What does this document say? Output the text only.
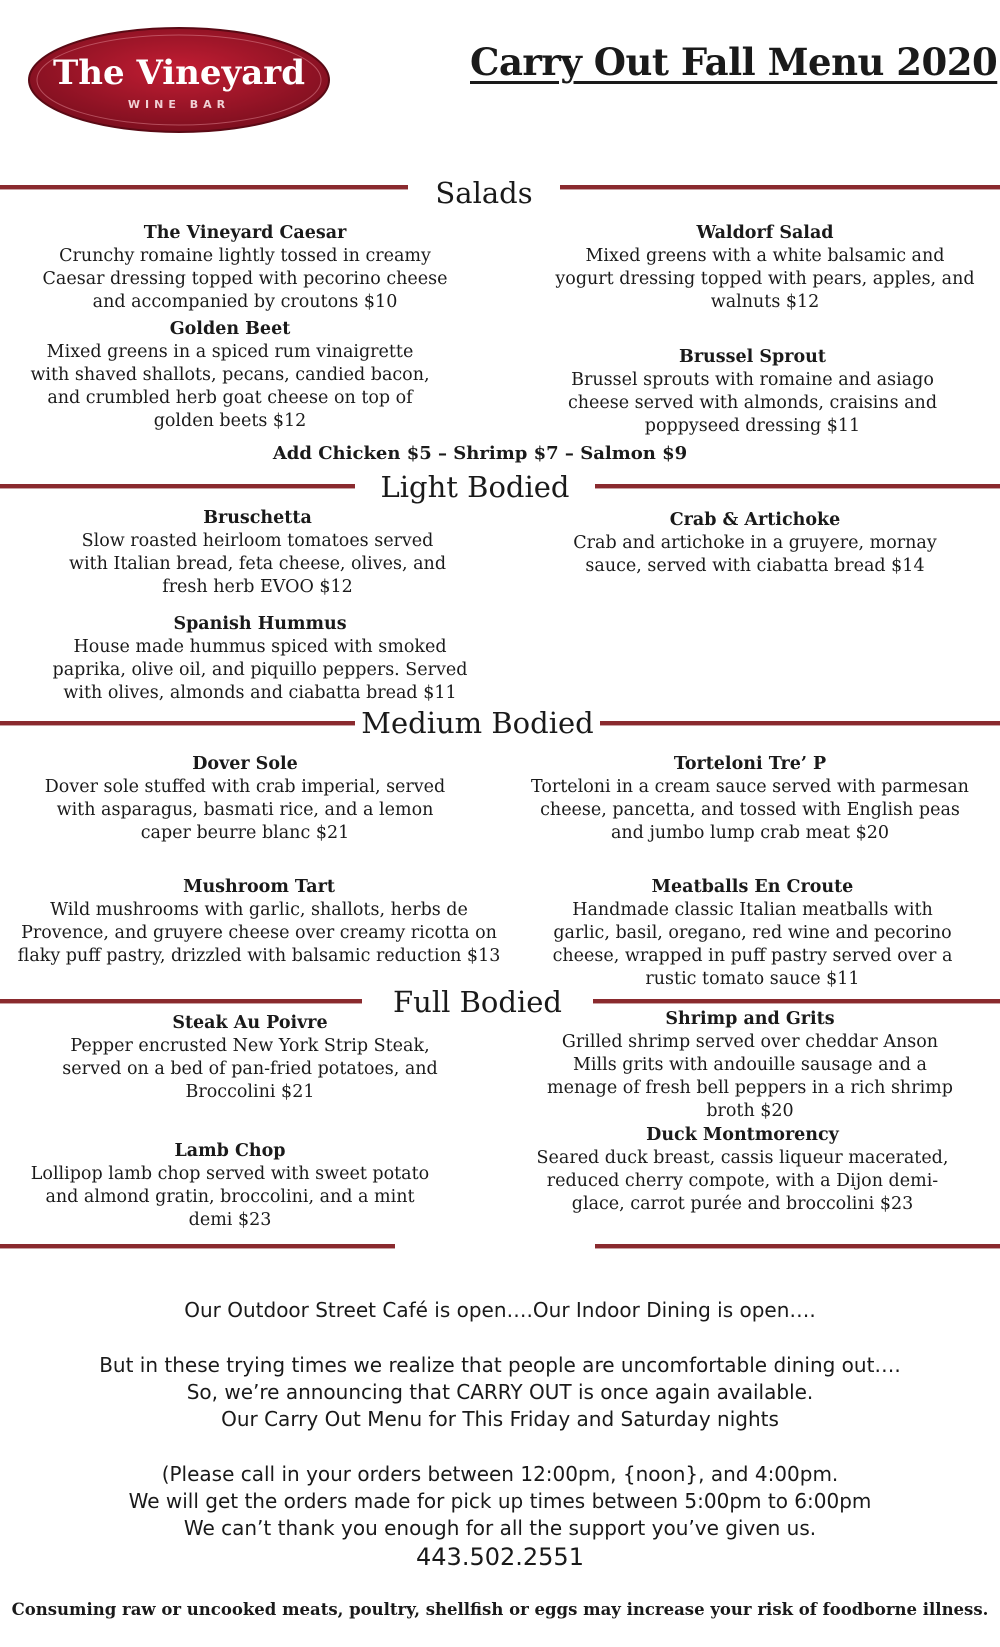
The Vineyard
WINE BAR
Carry Out Fall Menu 2020
Salads
The Vineyard Caesar
Crunchy romaine lightly tossed in creamy Caesar dressing topped with pecorino cheese and accompanied by croutons $10
Waldorf Salad
Mixed greens with a white balsamic and yogurt dressing topped with pears, apples, and walnuts $12
Golden Beet
Mixed greens in a spiced rum vinaigrette with shaved shallots, pecans, candied bacon, and crumbled herb goat cheese on top of golden beets $12
Brussel Sprout
Brussel sprouts with romaine and asiago cheese served with almonds, craisins and poppyseed dressing $11
Add Chicken $5 – Shrimp $7 – Salmon $9
Light Bodied
Bruschetta
Slow roasted heirloom tomatoes served with Italian bread, feta cheese, olives, and fresh herb EVOO $12
Crab & Artichoke
Crab and artichoke in a gruyere, mornay sauce, served with ciabatta bread $14
Spanish Hummus
House made hummus spiced with smoked paprika, olive oil, and piquillo peppers. Served with olives, almonds and ciabatta bread $11
Medium Bodied
Dover Sole
Dover sole stuffed with crab imperial, served with asparagus, basmati rice, and a lemon caper beurre blanc $21
Torteloni Tre’ P
Torteloni in a cream sauce served with parmesan cheese, pancetta, and tossed with English peas and jumbo lump crab meat $20
Mushroom Tart
Wild mushrooms with garlic, shallots, herbs de Provence, and gruyere cheese over creamy ricotta on flaky puff pastry, drizzled with balsamic reduction $13
Meatballs En Croute
Handmade classic Italian meatballs with garlic, basil, oregano, red wine and pecorino cheese, wrapped in puff pastry served over a rustic tomato sauce $11
Full Bodied
Steak Au Poivre
Pepper encrusted New York Strip Steak, served on a bed of pan-fried potatoes, and Broccolini $21
Shrimp and Grits
Grilled shrimp served over cheddar Anson Mills grits with andouille sausage and a menage of fresh bell peppers in a rich shrimp broth $20
Lamb Chop
Lollipop lamb chop served with sweet potato and almond gratin, broccolini, and a mint demi $23
Duck Montmorency
Seared duck breast, cassis liqueur macerated, reduced cherry compote, with a Dijon demi-glace, carrot purée and broccolini $23
Our Outdoor Street Café is open….Our Indoor Dining is open….
But in these trying times we realize that people are uncomfortable dining out….
So, we’re announcing that CARRY OUT is once again available.
Our Carry Out Menu for This Friday and Saturday nights
(Please call in your orders between 12:00pm, {noon}, and 4:00pm.
We will get the orders made for pick up times between 5:00pm to 6:00pm
We can’t thank you enough for all the support you’ve given us.
443.502.2551
Consuming raw or uncooked meats, poultry, shellfish or eggs may increase your risk of foodborne illness.
